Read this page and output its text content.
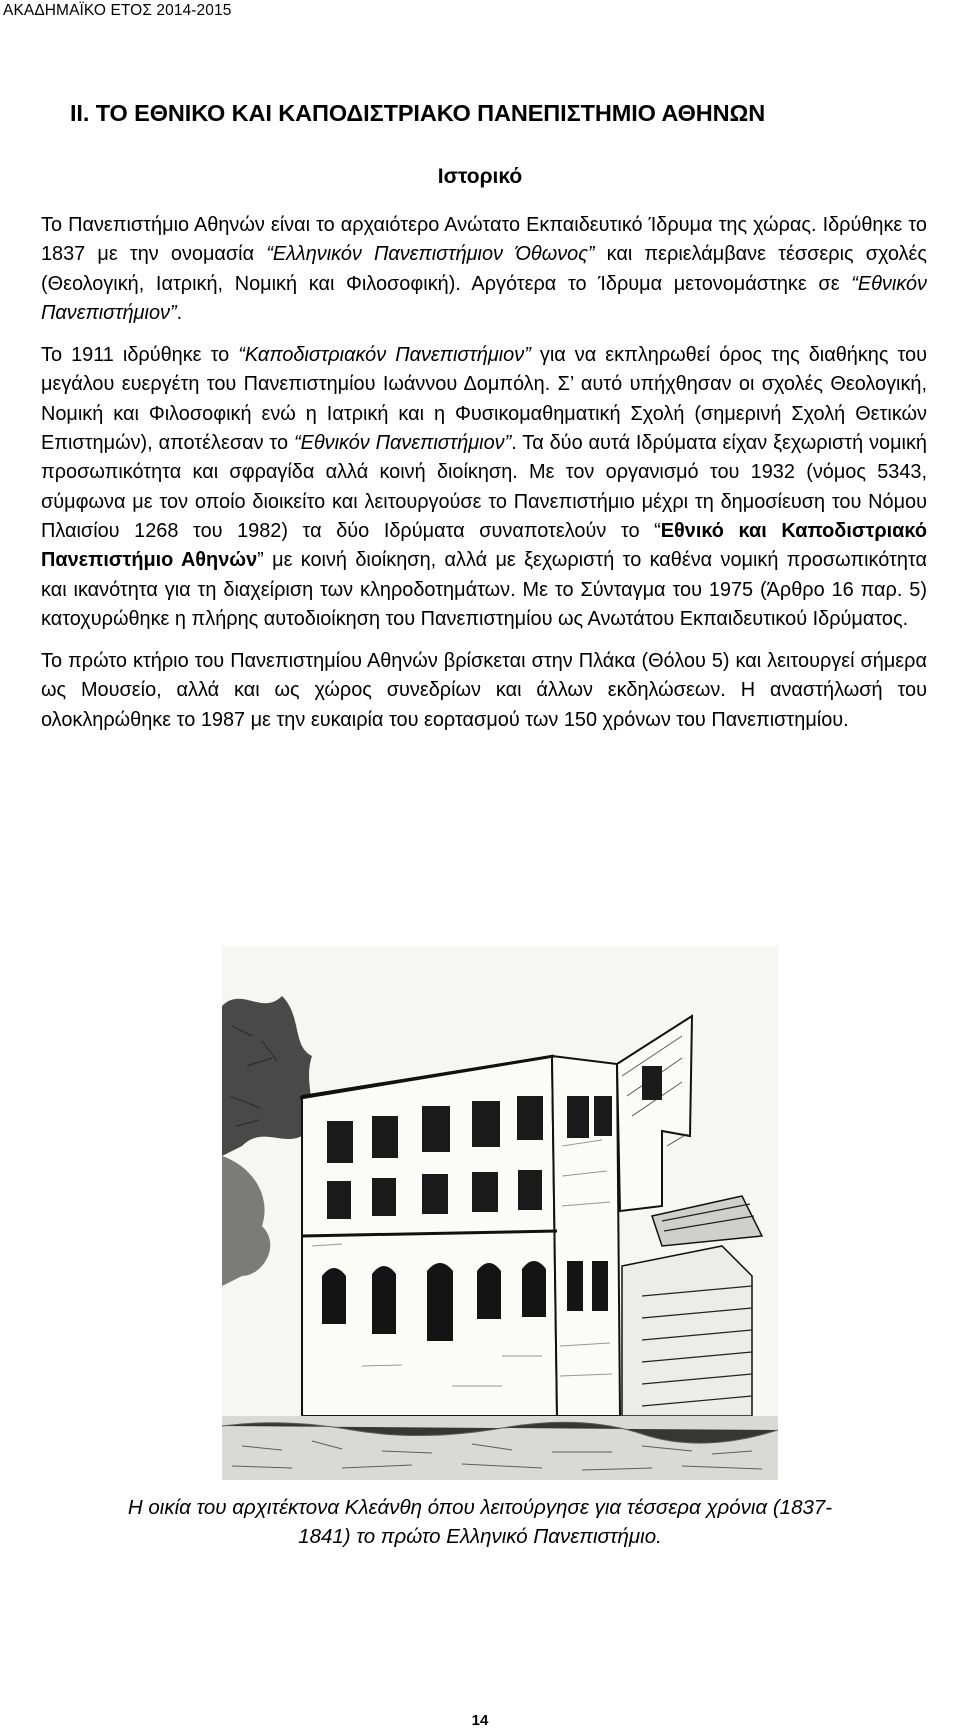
ΑΚΑΔΗΜΑΪΚΟ ΕΤΟΣ 2014-2015
II. ΤΟ ΕΘΝΙΚΟ ΚΑΙ ΚΑΠΟΔΙΣΤΡΙΑΚΟ ΠΑΝΕΠΙΣΤΗΜΙΟ ΑΘΗΝΩΝ
Ιστορικό

Το Πανεπιστήμιο Αθηνών είναι το αρχαιότερο Ανώτατο Εκπαιδευτικό Ίδρυμα της χώρας. Ιδρύθηκε το 1837 με την ονομασία “Ελληνικόν Πανεπιστήμιον Όθωνος” και περιελάμβανε τέσσερις σχολές (Θεολογική, Ιατρική, Νομική και Φιλοσοφική). Αργότερα το Ίδρυμα μετονομάστηκε σε “Εθνικόν Πανεπιστήμιον”.

Το 1911 ιδρύθηκε το “Καποδιστριακόν Πανεπιστήμιον” για να εκπληρωθεί όρος της διαθήκης του μεγάλου ευεργέτη του Πανεπιστημίου Ιωάννου Δομπόλη. Σ’ αυτό υπήχθησαν οι σχολές Θεολογική, Νομική και Φιλοσοφική ενώ η Ιατρική και η Φυσικομαθηματική Σχολή (σημερινή Σχολή Θετικών Επιστημών), αποτέλεσαν το “Εθνικόν Πανεπιστήμιον”. Τα δύο αυτά Ιδρύματα είχαν ξεχωριστή νομική προσωπικότητα και σφραγίδα αλλά κοινή διοίκηση. Με τον οργανισμό του 1932 (νόμος 5343, σύμφωνα με τον οποίο διοικείτο και λειτουργούσε το Πανεπιστήμιο μέχρι τη δημοσίευση του Νόμου Πλαισίου 1268 του 1982) τα δύο Ιδρύματα συναποτελούν το “Εθνικό και Καποδιστριακό Πανεπιστήμιο Αθηνών” με κοινή διοίκηση, αλλά με ξεχωριστή το καθένα νομική προσωπικότητα και ικανότητα για τη διαχείριση των κληροδοτημάτων. Με το Σύνταγμα του 1975 (Άρθρο 16 παρ. 5) κατοχυρώθηκε η πλήρης αυτοδιοίκηση του Πανεπιστημίου ως Ανωτάτου Εκπαιδευτικού Ιδρύματος.

Το πρώτο κτήριο του Πανεπιστημίου Αθηνών βρίσκεται στην Πλάκα (Θόλου 5) και λειτουργεί σήμερα ως Μουσείο, αλλά και ως χώρος συνεδρίων και άλλων εκδηλώσεων. Η αναστήλωσή του ολοκληρώθηκε το 1987 με την ευκαιρία του εορτασμού των 150 χρόνων του Πανεπιστημίου.

Η οικία του αρχιτέκτονα Κλεάνθη όπου λειτούργησε για τέσσερα χρόνια (1837-
1841) το πρώτο Ελληνικό Πανεπιστήμιο.

14
